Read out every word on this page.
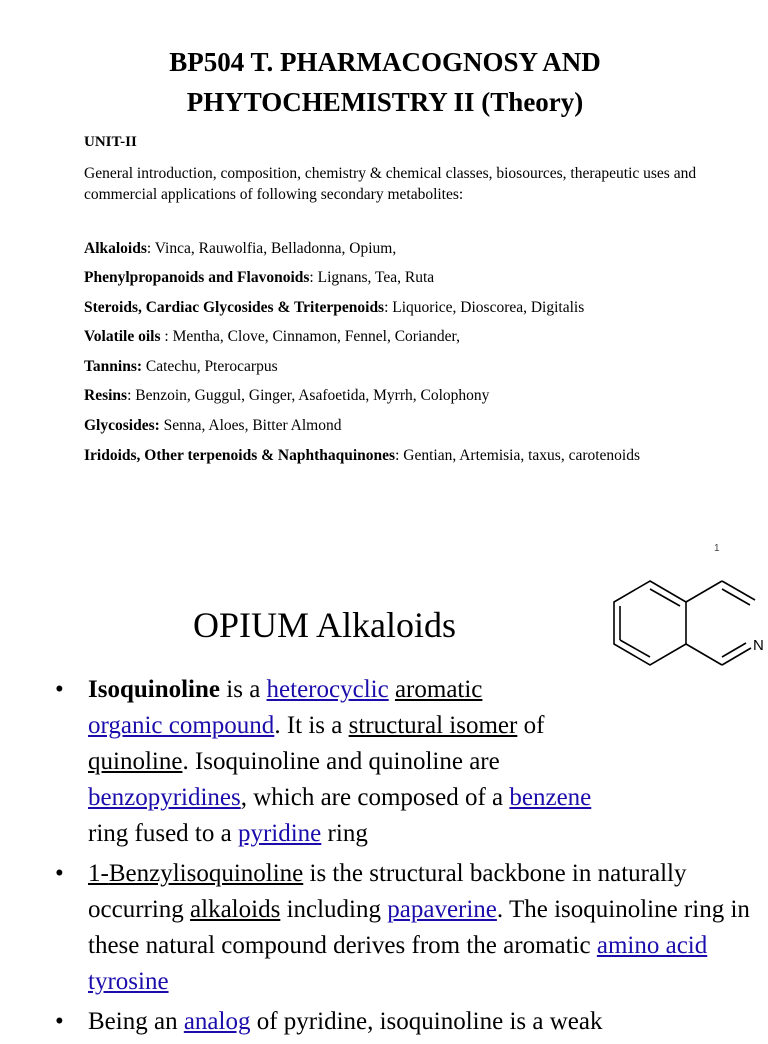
BP504 T. PHARMACOGNOSY AND
PHYTOCHEMISTRY II (Theory)
UNIT-II
General introduction, composition, chemistry & chemical classes, biosources, therapeutic uses and commercial applications of following secondary metabolites:
Alkaloids: Vinca, Rauwolfia, Belladonna, Opium,
Phenylpropanoids and Flavonoids: Lignans, Tea, Ruta
Steroids, Cardiac Glycosides & Triterpenoids: Liquorice, Dioscorea, Digitalis
Volatile oils : Mentha, Clove, Cinnamon, Fennel, Coriander,
Tannins: Catechu, Pterocarpus
Resins: Benzoin, Guggul, Ginger, Asafoetida, Myrrh, Colophony
Glycosides: Senna, Aloes, Bitter Almond
Iridoids, Other terpenoids & Naphthaquinones: Gentian, Artemisia, taxus, carotenoids
1
OPIUM Alkaloids
N
• Isoquinoline is a heterocyclic aromatic
organic compound. It is a structural isomer of
quinoline. Isoquinoline and quinoline are
benzopyridines, which are composed of a benzene
ring fused to a pyridine ring
• 1-Benzylisoquinoline is the structural backbone in naturally occurring alkaloids including papaverine. The isoquinoline ring in these natural compound derives from the aromatic amino acid tyrosine
• Being an analog of pyridine, isoquinoline is a weak
